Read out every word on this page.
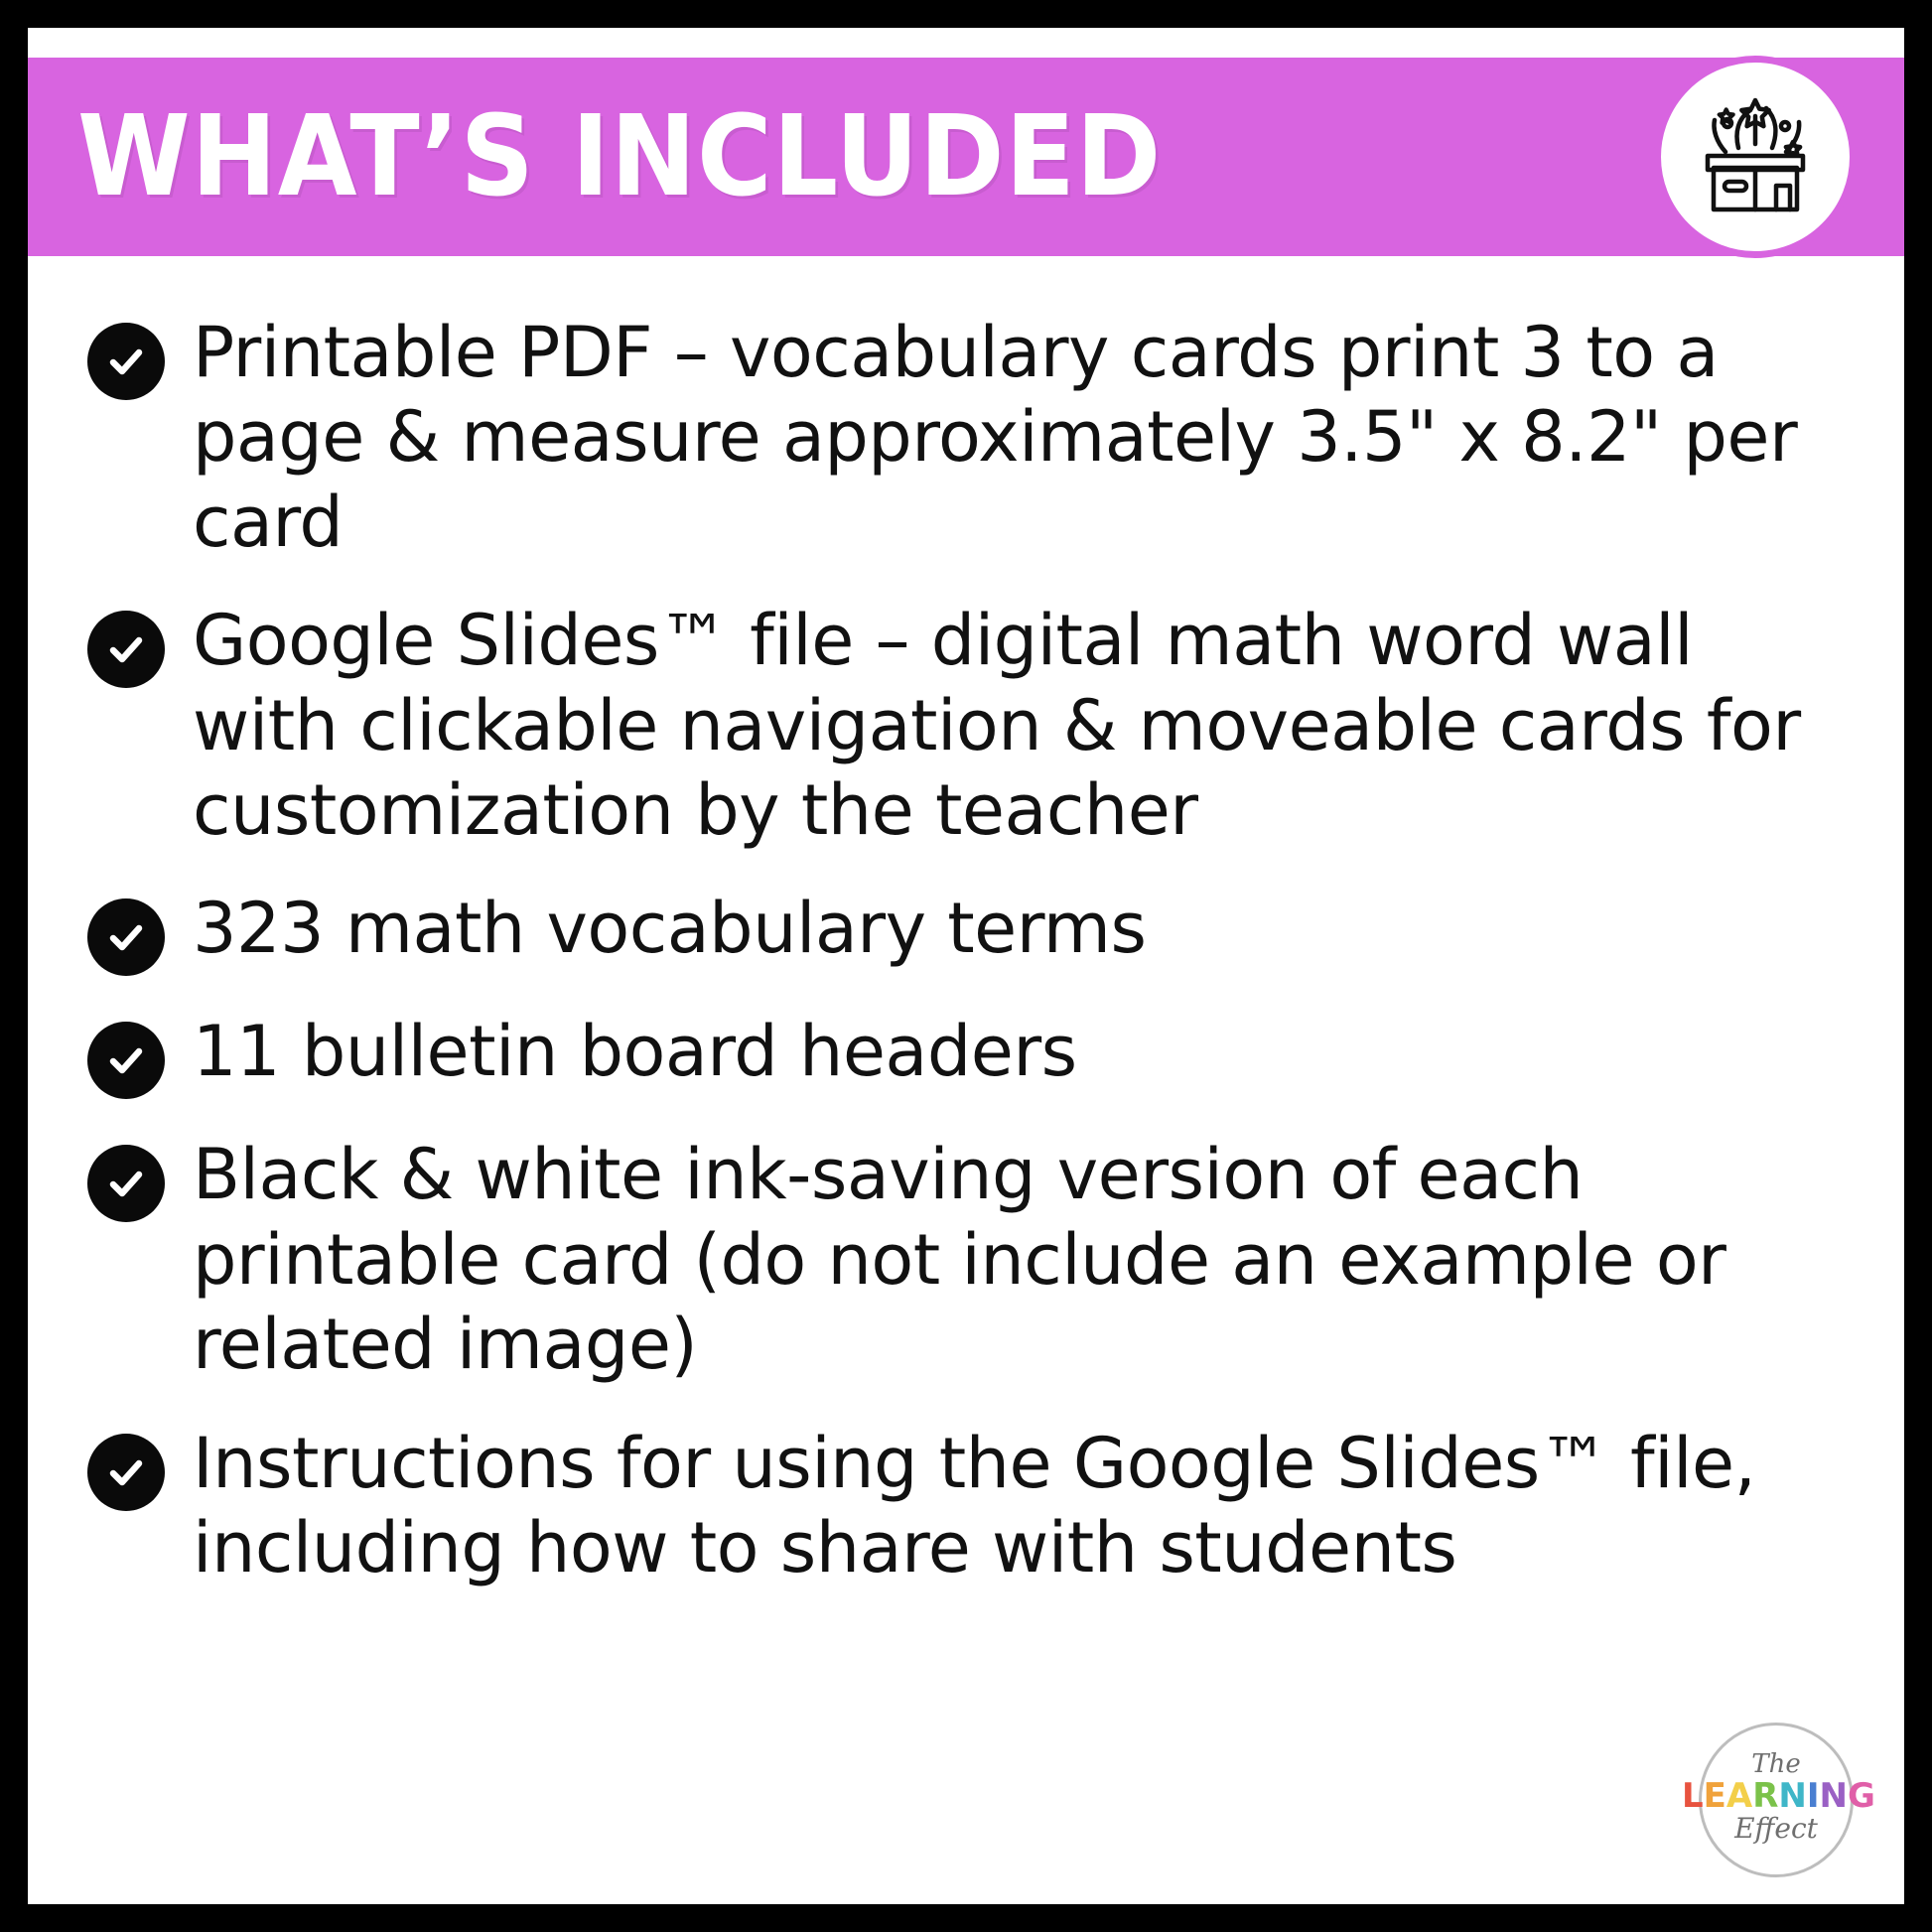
WHAT’S INCLUDED
Printable PDF – vocabulary cards print 3 to a page & measure approximately 3.5" x 8.2" per card
Google Slides™ file – digital math word wall with clickable navigation & moveable cards for customization by the teacher
323 math vocabulary terms
11 bulletin board headers
Black & white ink-saving version of each printable card (do not include an example or related image)
Instructions for using the Google Slides™ file, including how to share with students
The
LEARNING
Effect
